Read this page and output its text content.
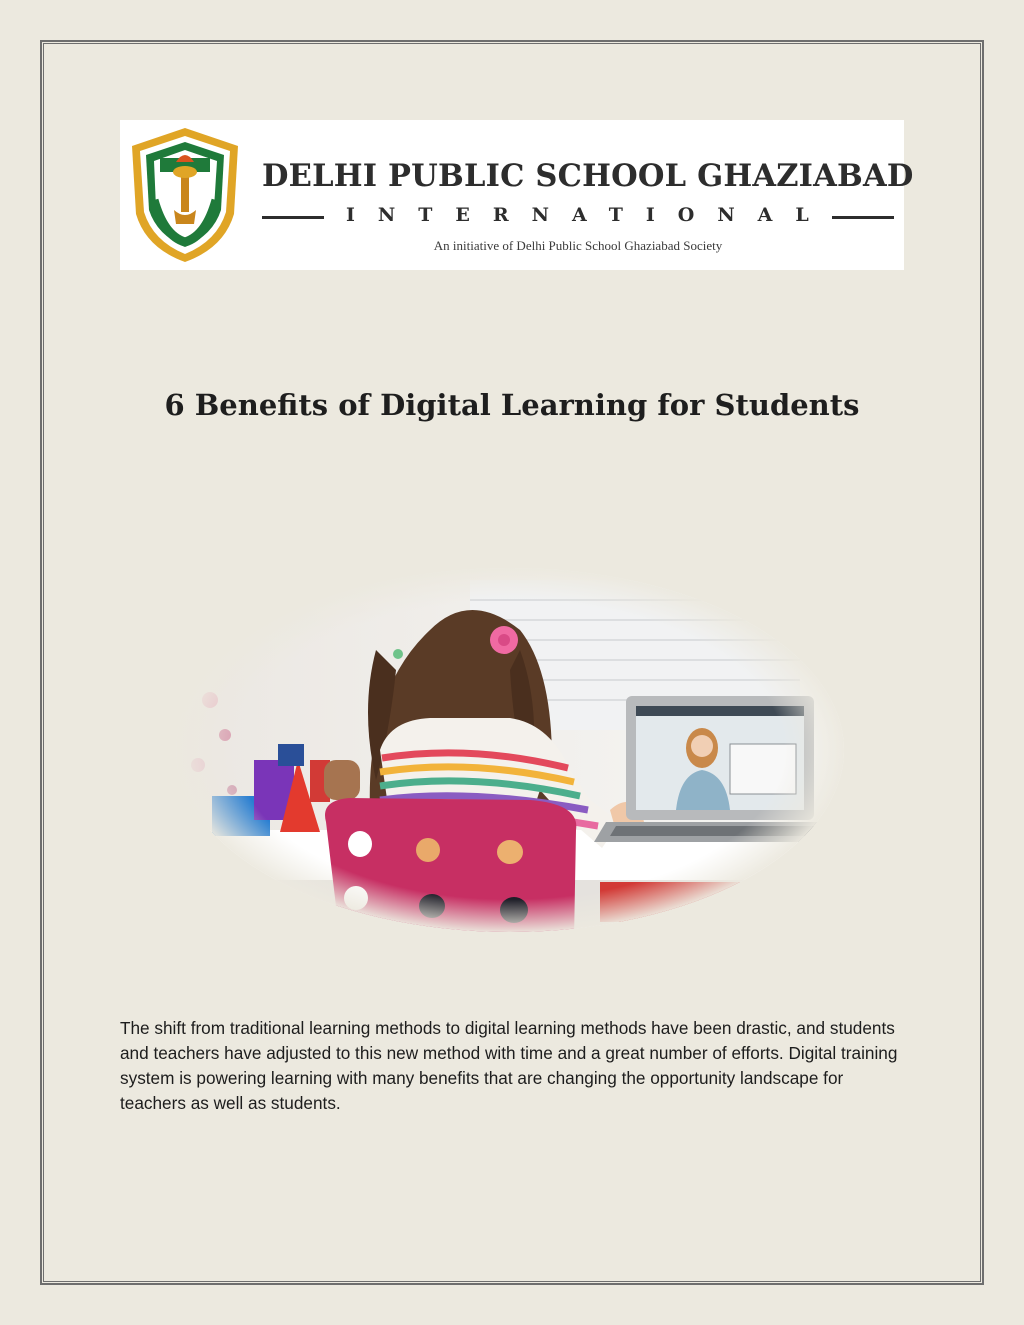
DELHI PUBLIC SCHOOL GHAZIABAD
INTERNATIONAL
An initiative of Delhi Public School Ghaziabad Society
6 Benefits of Digital Learning for Students

The shift from traditional learning methods to digital learning methods have been drastic, and students and teachers have adjusted to this new method with time and a great number of efforts. Digital training system is powering learning with many benefits that are changing the opportunity landscape for teachers as well as students.
